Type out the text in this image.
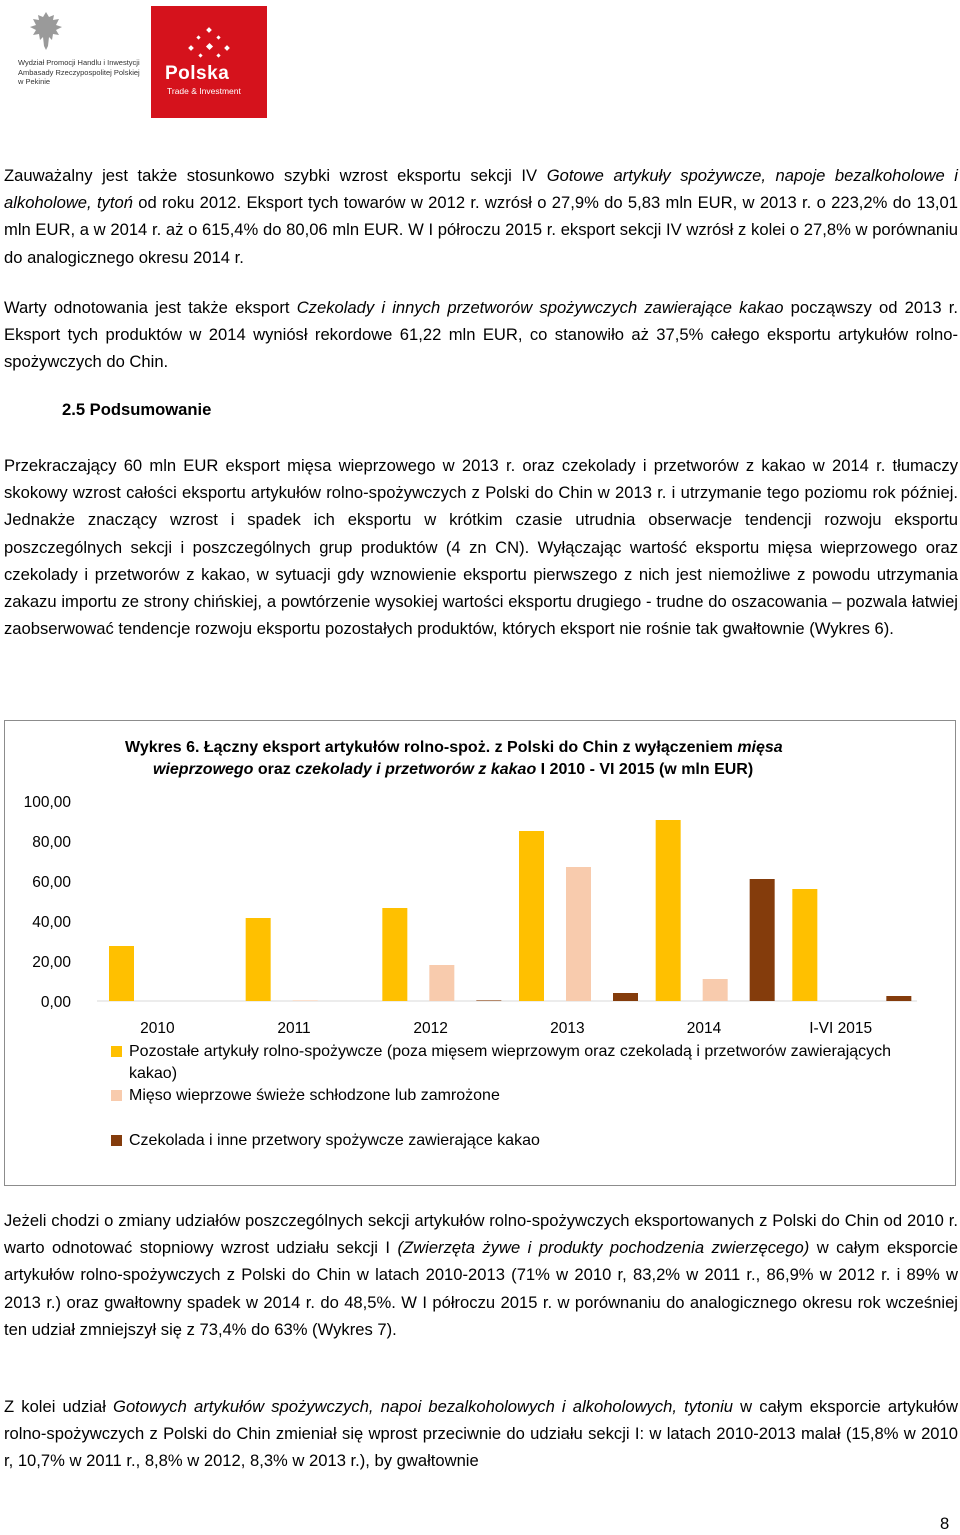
Wydział Promocji Handlu i Inwestycji
Ambasady Rzeczypospolitej Polskiej
w Pekinie	Polska
Trade & Investment

Zauważalny jest także stosunkowo szybki wzrost eksportu sekcji IV Gotowe artykuły spożywcze, napoje bezalkoholowe i alkoholowe, tytoń od roku 2012. Eksport tych towarów w 2012 r. wzrósł o 27,9% do 5,83 mln EUR, w 2013 r. o 223,2% do 13,01 mln EUR, a w 2014 r. aż o 615,4% do 80,06 mln EUR. W I półroczu 2015 r. eksport sekcji IV wzrósł z kolei o 27,8% w porównaniu do analogicznego okresu 2014 r.

Warty odnotowania jest także eksport Czekolady i innych przetworów spożywczych zawierające kakao począwszy od 2013 r. Eksport tych produktów w 2014 wyniósł rekordowe 61,22 mln EUR, co stanowiło aż 37,5% całego eksportu artykułów rolno-spożywczych do Chin.

2.5 Podsumowanie

Przekraczający 60 mln EUR eksport mięsa wieprzowego w 2013 r. oraz czekolady i przetworów z kakao w 2014 r. tłumaczy skokowy wzrost całości eksportu artykułów rolno-spożywczych z Polski do Chin w 2013 r. i utrzymanie tego poziomu rok później. Jednakże znaczący wzrost i spadek ich eksportu w krótkim czasie utrudnia obserwacje tendencji rozwoju eksportu poszczególnych sekcji i poszczególnych grup produktów (4 zn CN). Wyłączając wartość eksportu mięsa wieprzowego oraz czekolady i przetworów z kakao, w sytuacji gdy wznowienie eksportu pierwszego z nich jest niemożliwe z powodu utrzymania zakazu importu ze strony chińskiej, a powtórzenie wysokiej wartości eksportu drugiego - trudne do oszacowania – pozwala łatwiej zaobserwować tendencje rozwoju eksportu pozostałych produktów, których eksport nie rośnie tak gwałtownie (Wykres 6).

Wykres 6. Łączny eksport artykułów rolno-spoż. z Polski do Chin z wyłączeniem mięsa
wieprzowego oraz czekolady i przetworów z kakao I 2010 - VI 2015 (w mln EUR)
0,00
20,00
40,00
60,00
80,00
100,00
2010	2011	2012	2013	2014	I-VI 2015
Pozostałe artykuły rolno-spożywcze (poza mięsem wieprzowym oraz czekoladą i przetworów zawierających kakao)
Mięso wieprzowe świeże schłodzone lub zamrożone
Czekolada i inne przetwory spożywcze zawierające kakao

Jeżeli chodzi o zmiany udziałów poszczególnych sekcji artykułów rolno-spożywczych eksportowanych z Polski do Chin od 2010 r. warto odnotować stopniowy wzrost udziału sekcji I (Zwierzęta żywe i produkty pochodzenia zwierzęcego) w całym eksporcie artykułów rolno-spożywczych z Polski do Chin w latach 2010-2013 (71% w 2010 r, 83,2% w 2011 r., 86,9% w 2012 r. i 89% w 2013 r.) oraz gwałtowny spadek w 2014 r. do 48,5%. W I półroczu 2015 r. w porównaniu do analogicznego okresu rok wcześniej ten udział zmniejszył się z 73,4% do 63% (Wykres 7).

Z kolei udział Gotowych artykułów spożywczych, napoi bezalkoholowych i alkoholowych, tytoniu w całym eksporcie artykułów rolno-spożywczych z Polski do Chin zmieniał się wprost przeciwnie do udziału sekcji I: w latach 2010-2013 malał (15,8% w 2010 r, 10,7% w 2011 r., 8,8% w 2012, 8,3% w 2013 r.), by gwałtownie

8
